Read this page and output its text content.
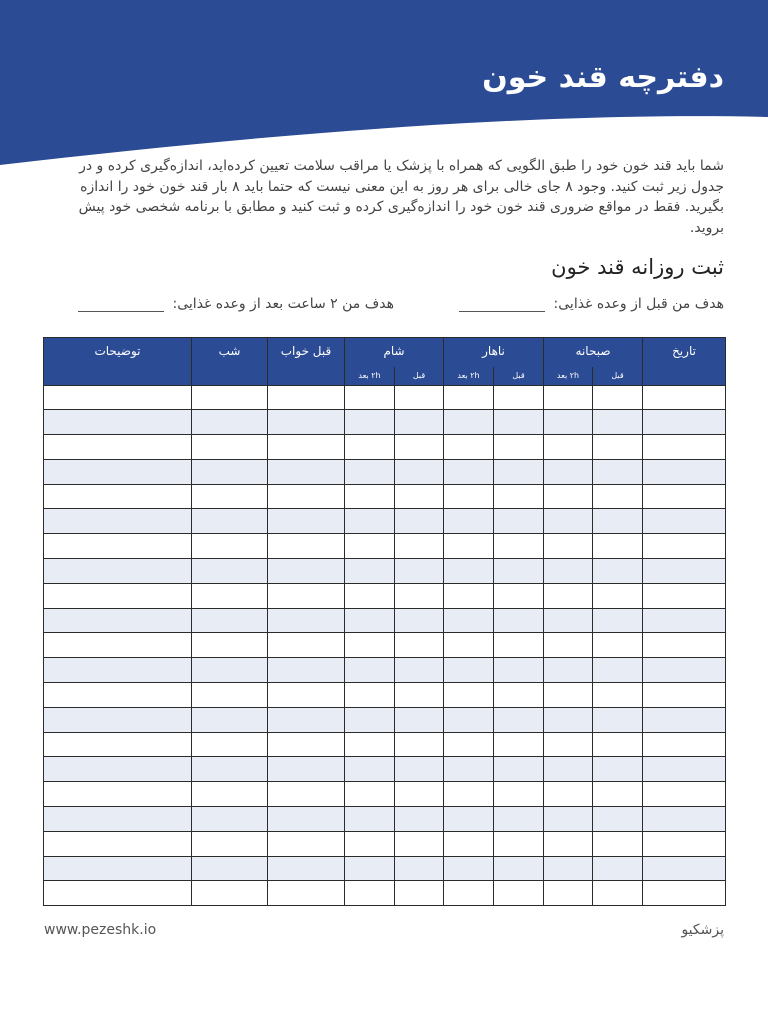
دفترچه قند خون

شما باید قند خون خود را طبق الگویی که همراه با پزشک یا مراقب سلامت تعیین کرده‌اید، اندازه‌گیری کرده و در جدول زیر ثبت کنید. وجود ۸ جای خالی برای هر روز به این معنی نیست که حتما باید ۸ بار قند خون خود را اندازه بگیرید. فقط در مواقع ضروری قند خون خود را اندازه‌گیری کرده و ثبت کنید و مطابق با برنامه شخصی خود پیش بروید.

ثبت روزانه قند خون
هدف من قبل از وعده غذایی:
هدف من ۲ ساعت بعد از وعده غذایی:
تاریخ	صبحانه		ناهار		شام		قبل خواب	شب	توضیحات
	قبل	۲h بعد	قبل	۲h بعد	قبل	۲h بعد			

www.pezeshk.io	پزشکیو
